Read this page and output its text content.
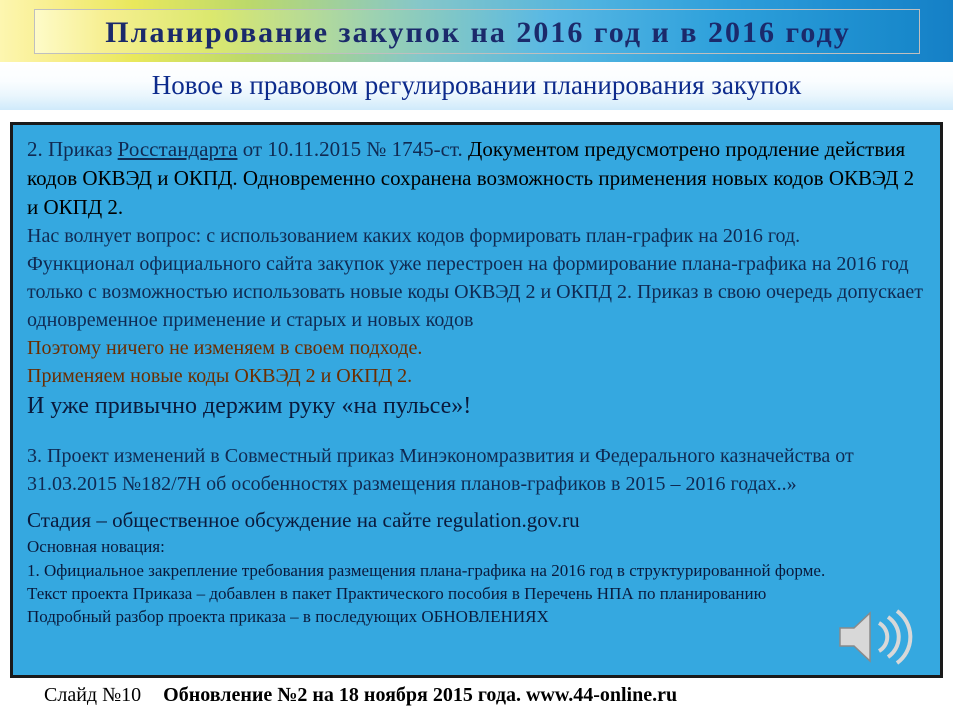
Планирование закупок на 2016 год и в 2016 году
Новое в правовом регулировании планирования закупок

2. Приказ Росстандарта от 10.11.2015 № 1745-ст. Документом предусмотрено продление действия кодов ОКВЭД и ОКПД. Одновременно сохранена возможность применения новых кодов ОКВЭД 2 и ОКПД 2.

Нас волнует вопрос: с использованием каких кодов формировать план-график на 2016 год.

Функционал официального сайта закупок уже перестроен на формирование плана-графика на 2016 год только с возможностью использовать новые коды ОКВЭД 2 и ОКПД 2. Приказ в свою очередь допускает одновременное применение и старых и новых кодов

Поэтому ничего не изменяем в своем подходе.

Применяем новые коды ОКВЭД 2 и ОКПД 2.

И уже привычно держим руку «на пульсе»!

3. Проект изменений в Совместный приказ Минэкономразвития и Федерального казначейства от 31.03.2015 №182/7Н об особенностях размещения планов-графиков в 2015 – 2016 годах..»

Стадия – общественное обсуждение на сайте regulation.gov.ru

Основная новация:

1. Официальное закрепление требования размещения плана-графика на 2016 год в структурированной форме.

Текст проекта Приказа – добавлен в пакет Практического пособия в Перечень НПА по планированию

Подробный разбор проекта приказа – в последующих ОБНОВЛЕНИЯХ

Слайд №10 Обновление №2 на 18 ноября 2015 года. www.44-online.ru
